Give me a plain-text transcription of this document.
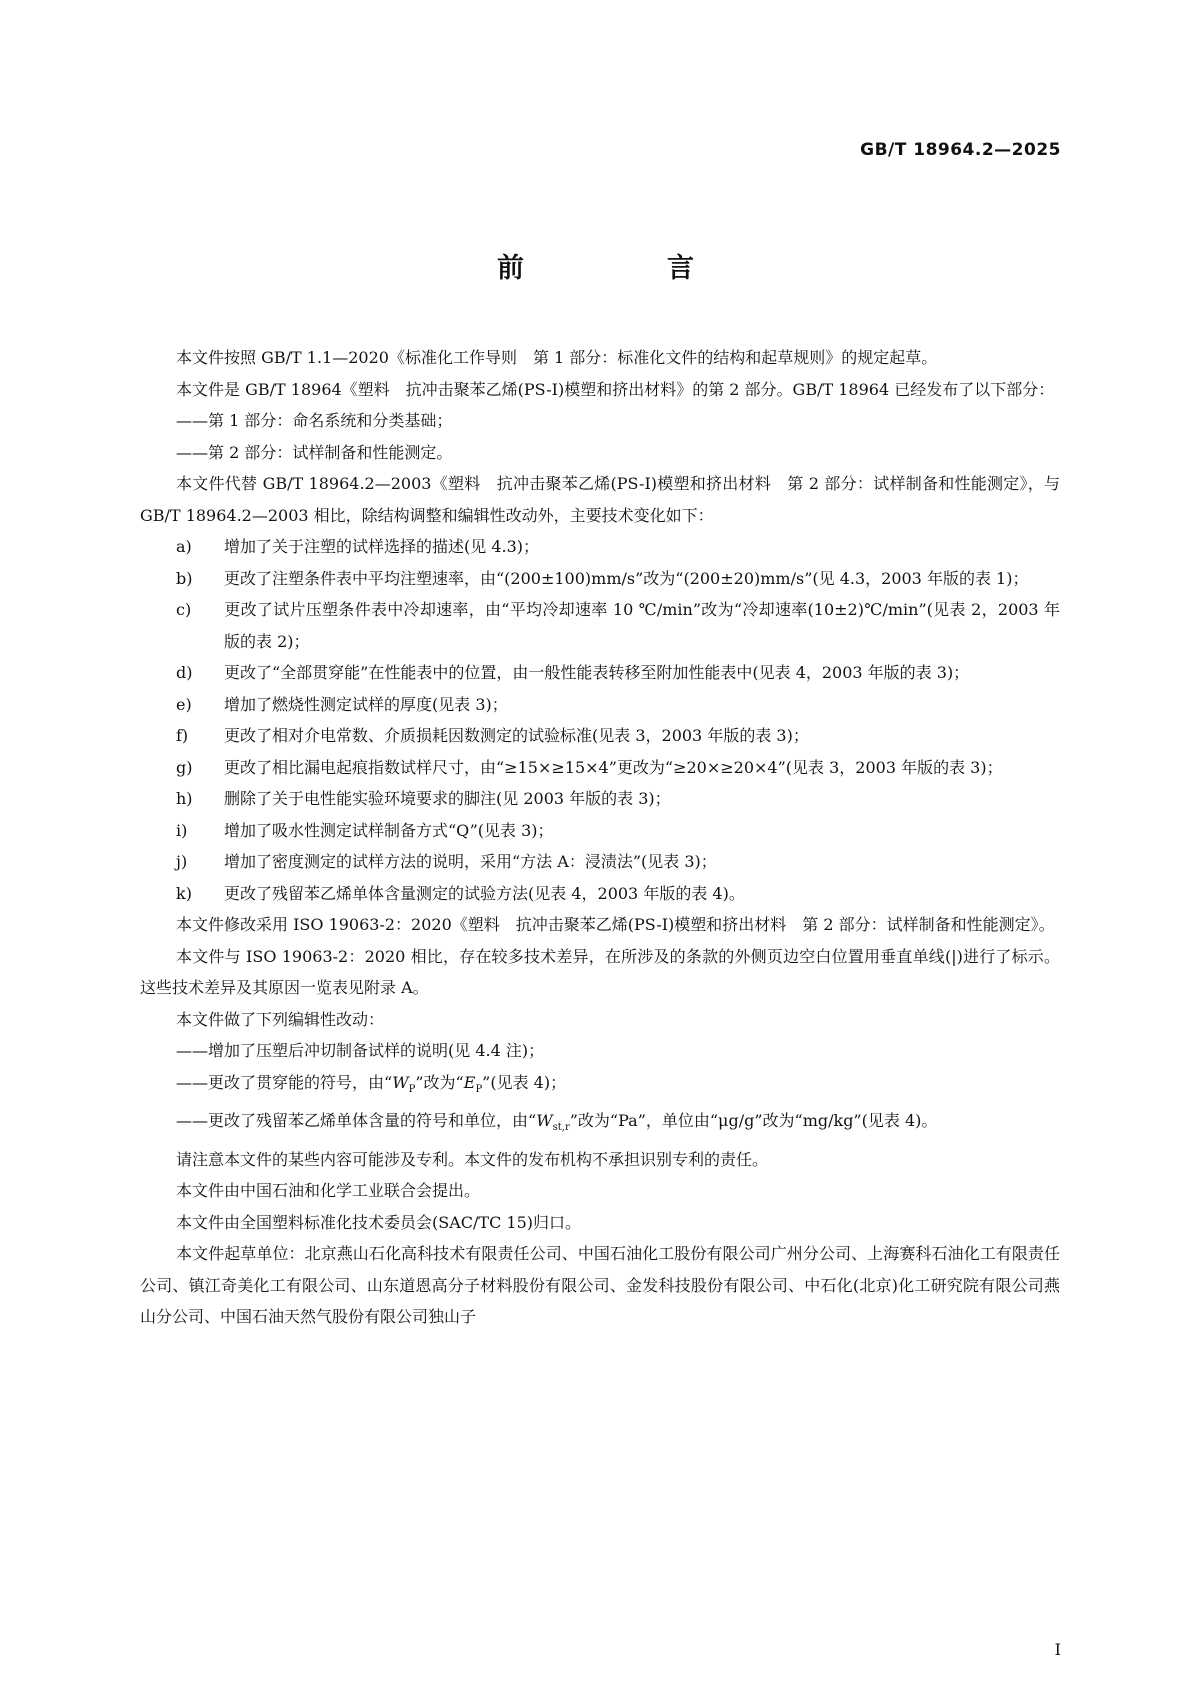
GB/T 18964.2—2025
前　言

本文件按照 GB/T 1.1—2020《标准化工作导则　第 1 部分：标准化文件的结构和起草规则》的规定起草。

本文件是 GB/T 18964《塑料　抗冲击聚苯乙烯(PS-I)模塑和挤出材料》的第 2 部分。GB/T 18964 已经发布了以下部分：

——第 1 部分：命名系统和分类基础；

——第 2 部分：试样制备和性能测定。

本文件代替 GB/T 18964.2—2003《塑料　抗冲击聚苯乙烯(PS-I)模塑和挤出材料　第 2 部分：试样制备和性能测定》，与 GB/T 18964.2—2003 相比，除结构调整和编辑性改动外，主要技术变化如下：

a) 增加了关于注塑的试样选择的描述(见 4.3)；

b) 更改了注塑条件表中平均注塑速率，由“(200±100)mm/s”改为“(200±20)mm/s”(见 4.3，2003 年版的表 1)；

c) 更改了试片压塑条件表中冷却速率，由“平均冷却速率 10 ℃/min”改为“冷却速率(10±2)℃/min”(见表 2，2003 年版的表 2)；

d) 更改了“全部贯穿能”在性能表中的位置，由一般性能表转移至附加性能表中(见表 4，2003 年版的表 3)；

e) 增加了燃烧性测定试样的厚度(见表 3)；

f) 更改了相对介电常数、介质损耗因数测定的试验标准(见表 3，2003 年版的表 3)；

g) 更改了相比漏电起痕指数试样尺寸，由“≥15×≥15×4”更改为“≥20×≥20×4”(见表 3，2003 年版的表 3)；

h) 删除了关于电性能实验环境要求的脚注(见 2003 年版的表 3)；

i) 增加了吸水性测定试样制备方式“Q”(见表 3)；

j) 增加了密度测定的试样方法的说明，采用“方法 A：浸渍法”(见表 3)；

k) 更改了残留苯乙烯单体含量测定的试验方法(见表 4，2003 年版的表 4)。

本文件修改采用 ISO 19063-2：2020《塑料　抗冲击聚苯乙烯(PS-I)模塑和挤出材料　第 2 部分：试样制备和性能测定》。

本文件与 ISO 19063-2：2020 相比，存在较多技术差异，在所涉及的条款的外侧页边空白位置用垂直单线(|)进行了标示。这些技术差异及其原因一览表见附录 A。

本文件做了下列编辑性改动：

——增加了压塑后冲切制备试样的说明(见 4.4 注)；

——更改了贯穿能的符号，由“$W_P$”改为“$E_P$”(见表 4)；

——更改了残留苯乙烯单体含量的符号和单位，由“$W_{st,r}$”改为“Pa”，单位由“μg/g”改为“mg/kg”(见表 4)。

请注意本文件的某些内容可能涉及专利。本文件的发布机构不承担识别专利的责任。

本文件由中国石油和化学工业联合会提出。

本文件由全国塑料标准化技术委员会(SAC/TC 15)归口。

本文件起草单位：北京燕山石化高科技术有限责任公司、中国石油化工股份有限公司广州分公司、上海赛科石油化工有限责任公司、镇江奇美化工有限公司、山东道恩高分子材料股份有限公司、金发科技股份有限公司、中石化(北京)化工研究院有限公司燕山分公司、中国石油天然气股份有限公司独山子

I
